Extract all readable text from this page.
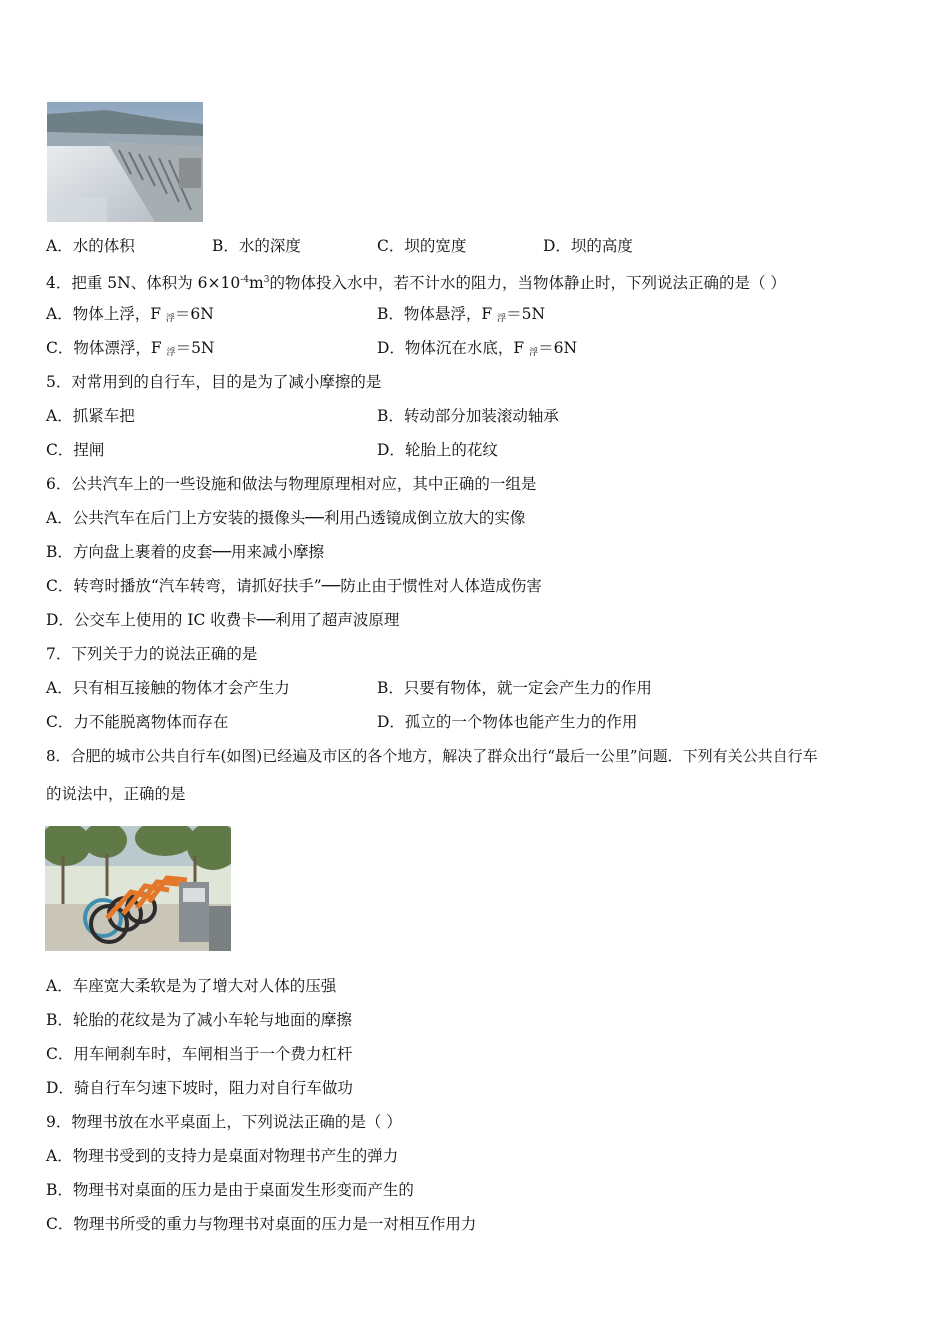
A．水的体积	B．水的深度	C．坝的宽度	D．坝的高度
4．把重 5N、体积为 $6\times 10^{-4}m^3$的物体投入水中，若不计水的阻力，当物体静止时，下列说法正确的是（ ）
A．物体上浮，F $_浮$＝6N	B．物体悬浮，F $_浮$＝5N
C．物体漂浮，F $_浮$＝5N	D．物体沉在水底，F $_浮$＝6N
5．对常用到的自行车，目的是为了减小摩擦的是
A．抓紧车把	B．转动部分加装滚动轴承
C．捏闸	D．轮胎上的花纹
6．公共汽车上的一些设施和做法与物理原理相对应，其中正确的一组是
A．公共汽车在后门上方安装的摄像头──利用凸透镜成倒立放大的实像
B．方向盘上裹着的皮套──用来减小摩擦
C．转弯时播放“汽车转弯，请抓好扶手”──防止由于惯性对人体造成伤害
D．公交车上使用的 IC 收费卡──利用了超声波原理
7．下列关于力的说法正确的是
A．只有相互接触的物体才会产生力	B．只要有物体，就一定会产生力的作用
C．力不能脱离物体而存在	D．孤立的一个物体也能产生力的作用
8．合肥的城市公共自行车(如图)已经遍及市区的各个地方，解决了群众出行“最后一公里”问题．下列有关公共自行车
的说法中，正确的是
A．车座宽大柔软是为了增大对人体的压强
B．轮胎的花纹是为了减小车轮与地面的摩擦
C．用车闸刹车时，车闸相当于一个费力杠杆
D．骑自行车匀速下坡时，阻力对自行车做功
9．物理书放在水平桌面上，下列说法正确的是（ ）
A．物理书受到的支持力是桌面对物理书产生的弹力
B．物理书对桌面的压力是由于桌面发生形变而产生的
C．物理书所受的重力与物理书对桌面的压力是一对相互作用力
